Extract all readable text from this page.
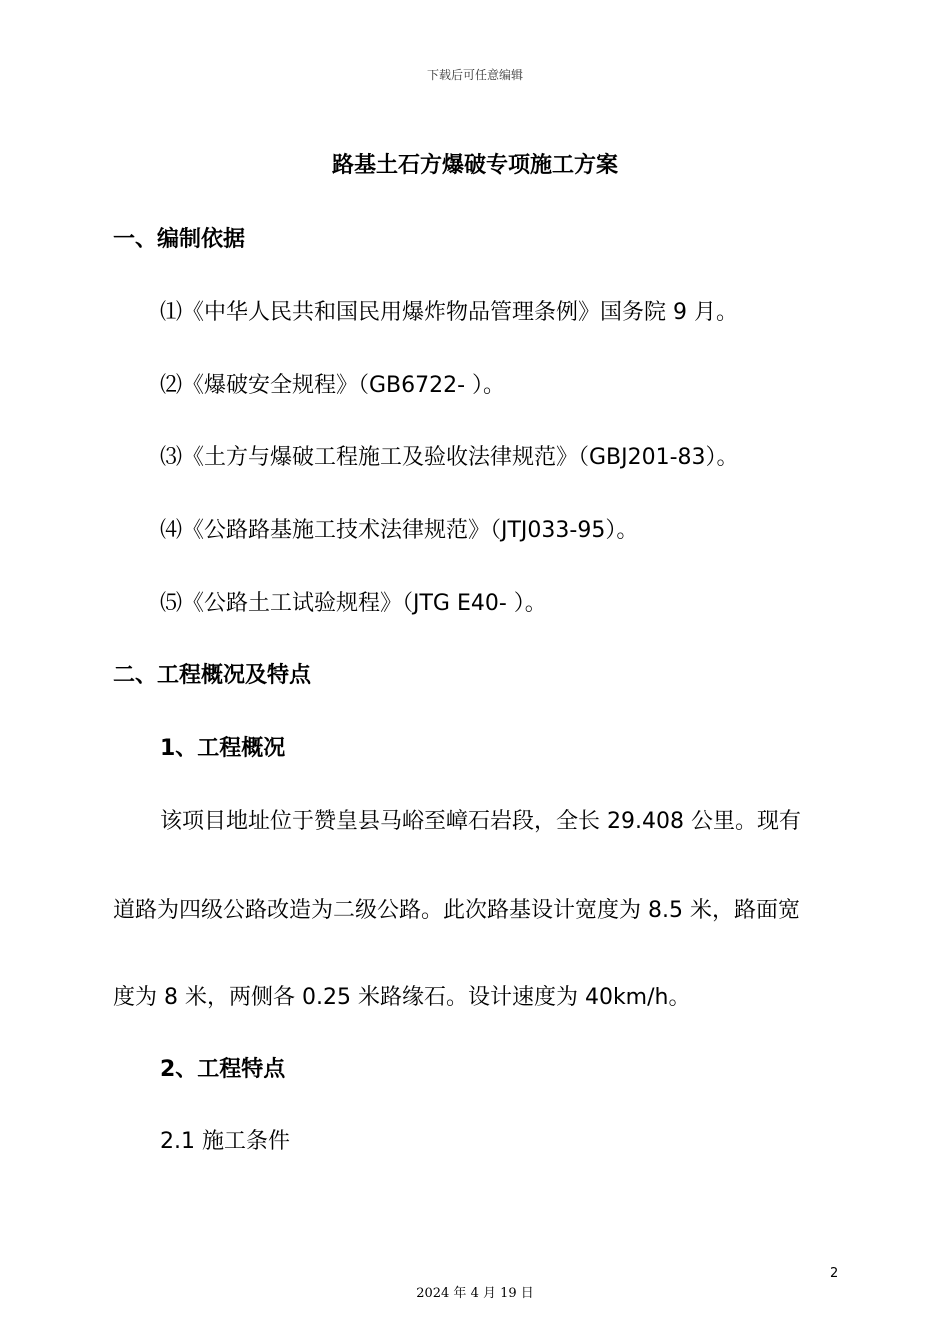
下载后可任意编辑
路基土石方爆破专项施工方案
一、编制依据
⑴《中华人民共和国民用爆炸物品管理条例》国务院 9 月。
⑵《爆破安全规程》（GB6722- ）。
⑶《土方与爆破工程施工及验收法律规范》（GBJ201-83）。
⑷《公路路基施工技术法律规范》（JTJ033-95）。
⑸《公路土工试验规程》（JTG E40- ）。
二、工程概况及特点
1、工程概况
该项目地址位于赞皇县马峪至嶂石岩段，全长 29.408 公里。现有
道路为四级公路改造为二级公路。此次路基设计宽度为 8.5 米，路面宽
度为 8 米，两侧各 0.25 米路缘石。设计速度为 40km/h。
2、工程特点
2.1 施工条件
2
2024 年 4 月 19 日
